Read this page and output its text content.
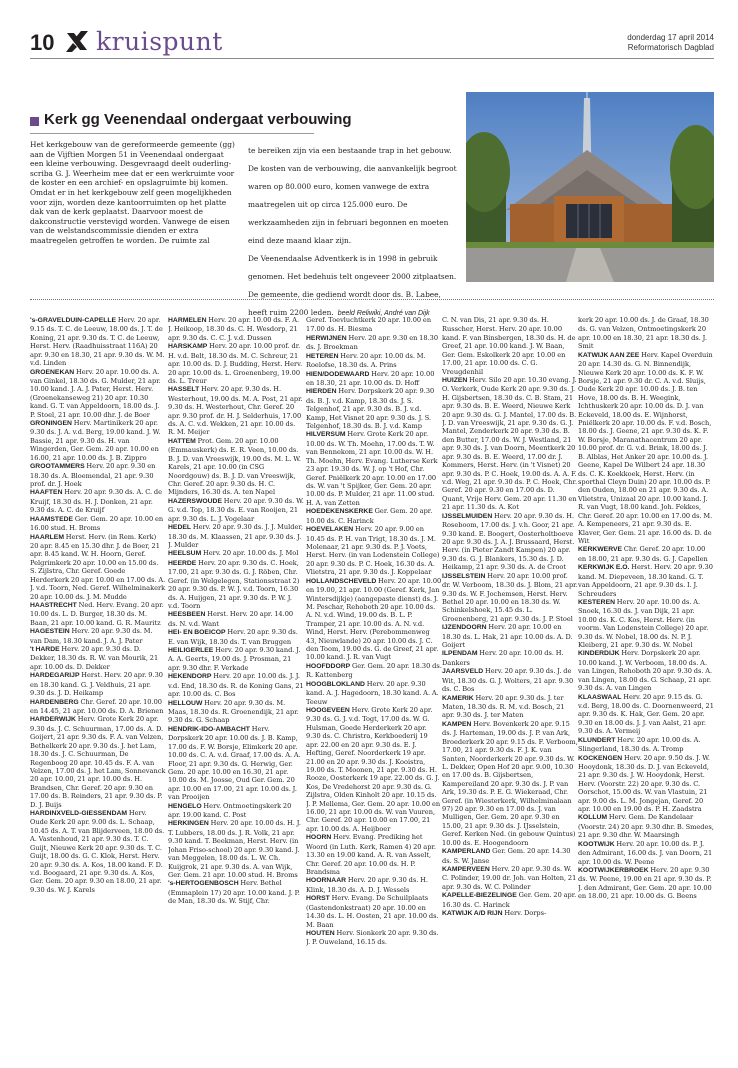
10 kruispunt	donderdag 17 april 2014
Reformatorisch Dagblad
Kerk gg Veenendaal ondergaat verbouwing
Het kerkgebouw van de gereformeerde gemeente (gg) aan de Vijftien Morgen 51 in Veenendaal ondergaat een kleine verbouwing. Desgevraagd deelt ouderling-scriba G. J. Weerheim mee dat er een werkruimte voor de koster en een archief- en opslagruimte bij komen.
Omdat er in het kerkgebouw zelf geen mogelijkheden voor zijn, worden deze kantoorruimten op het platte dak van de kerk geplaatst. Daarvoor moest de dakconstructie verstevigd worden. Vanwege de eisen van de welstandscommissie dienden er extra maatregelen getroffen te worden. De ruimte zal
te bereiken zijn via een bestaande trap in het gebouw.
De kosten van de verbouwing, die aanvankelijk begroot waren op 80.000 euro, komen vanwege de extra maatregelen uit op circa 125.000 euro. De werkzaamheden zijn in februari begonnen en moeten eind deze maand klaar zijn.
De Veenendaalse Adventkerk is in 1998 in gebruik genomen. Het bedehuis telt ongeveer 2000 zitplaatsen. De gemeente, die gediend wordt door ds. B. Labee, heeft ruim 2200 leden. beeld Reliwiki, André van Dijk

's-GRAVELDUIN-CAPELLE Herv. 20 apr. 9.15 ds. T. C. de Leeuw, 18.00 ds. J. T. de Koning, 21 apr. 9.30 ds. T. C. de Leeuw, Herst. Herv. (Raadhuisstraat 116A) 20 apr. 9.30 en 18.30, 21 apr. 9.30 ds. W. M. v.d. Linden

GROENEKAN Herv. 20 apr. 10.00 ds. A. van Ginkel, 18.30 ds. G. Mulder, 21 apr. 10.00 kand. J. A. J. Pater, Herst. Herv. (Groenekanseweg 21) 20 apr. 10.30 kand. G. T. van Appeldoorn, 18.00 ds. J. P. Stoel, 21 apr. 10.00 dhr. J. de Boer

GRONINGEN Herv. Martinikerk 20 apr. 9.30 ds. J. A. v.d. Berg, 19.00 kand. J. W. Bassie, 21 apr. 9.30 ds. H. van Wingerden, Ger. Gem. 20 apr. 10.00 en 16.00, 21 apr. 10.00 ds. J. B. Zippro

GROOTAMMERS Herv. 20 apr. 9.30 en 18.30 ds. A. Bloemendal, 21 apr. 9.30 prof. dr. J. Hoek

HAAFTEN Herv. 20 apr. 9.30 ds. A. C. de Kruijf, 18.30 ds. H. J. Donken, 21 apr. 9.30 ds. A. C. de Kruijf

HAAMSTEDE Ger. Gem. 20 apr. 10.00 en 16.00 stud. H. Broms

HAARLEM Herst. Herv. (in Rem. Kerk) 20 apr. 8.45 en 15.30 dhr. J. de Boer, 21 apr. 8.45 kand. W. H. Hoorn, Geref. Pelgrimkerk 20 apr. 10.00 en 15.00 ds. S. Zijlstra, Chr. Geref. Goede Herderkerk 20 apr. 10.00 en 17.00 ds. A. J. v.d. Toorn, Ned. Geref. Wilhelminakerk 20 apr. 10.00 ds. J. M. Mudde

HAASTRECHT Ned. Herv. Evang. 20 apr. 10.00 ds. L. D. Burger, 18.30 ds. M. Baan, 21 apr. 10.00 kand. G. R. Mauritz

HAGESTEIN Herv. 20 apr. 9.30 ds. M. van Dam, 18.30 kand. J. A. J. Pater

't HARDE Herv. 20 apr. 9.30 ds. D. Dekker, 18.30 ds. R. W. van Mourik, 21 apr. 10.00 ds. D. Dekker

HARDEGARIJP Herst. Herv. 20 apr. 9.30 en 18.30 kand. G. J. Veldhuis, 21 apr. 9.30 ds. J. D. Heikamp

HARDENBERG Chr. Geref. 20 apr. 10.00 en 14.45, 21 apr. 10.00 ds. D. A. Brienen

HARDERWIJK Herv. Grote Kerk 20 apr. 9.30 ds. J. C. Schuurman, 17.00 ds. A. D. Goijert, 21 apr. 9.30 ds. F. A. van Velzen, Bethelkerk 20 apr. 9.30 ds. J. het Lam, 18.30 ds. J. C. Schuurman, De Regenboog 20 apr. 10.45 ds. F. A. van Velzen, 17.00 ds. J. het Lam, Sonnevanck 20 apr. 10.00, 21 apr. 10.00 ds. H. Brandsen, Chr. Geref. 20 apr. 9.30 en 17.00 ds. B. Reinders, 21 apr. 9.30 ds. P. D. J. Buijs

HARDINXVELD-GIESSENDAM Herv. Oude Kerk 20 apr. 9.00 ds. L. Schaap, 10.45 ds. A. T. van Blijderveen, 18.00 ds. A. Vastenhoud, 21 apr. 9.30 ds. T. C. Guijt, Nieuwe Kerk 20 apr. 9.30 ds. T. C. Guijt, 18.00 ds. G. C. Klok, Herst. Herv. 20 apr. 9.30 ds. A. Kos, 18.00 kand. F. D. v.d. Boogaard, 21 apr. 9.30 ds. A. Kos, Ger. Gem. 20 apr. 9.30 en 18.00, 21 apr. 9.30 ds. W. J. Karels

HARMELEN Herv. 20 apr. 10.00 ds. F. A. J. Heikoop, 18.30 ds. C. H. Wesdorp, 21 apr. 9.30 ds. C. C. J. v.d. Dussen

HARSKAMP Herv. 20 apr. 10.00 prof. dr. H. v.d. Belt, 18.30 ds. M. C. Schreur, 21 apr. 10.00 ds. D. J. Budding, Herst. Herv. 20 apr. 10.00 ds. L. Groenenberg, 19.00 ds. L. Treur

HASSELT Herv. 20 apr. 9.30 ds. H. Westerhout, 19.00 ds. M. A. Post, 21 apr. 9.30 ds. H. Westerhout, Chr. Geref. 20 apr. 9.30 prof. dr. H. J. Selderhuis, 17.00 ds. A. C. v.d. Wekken, 21 apr. 10.00 ds. R. M. Meijer

HATTEM Prot. Gem. 20 apr. 10.00 (Emmauskerk) ds. E. R. Veen, 10.00 ds. B. J. D. van Vreeswijk, 19.00 ds. M. L. W. Karels, 21 apr. 10.00 (in CSG Noordgouw) ds. B. J. D. van Vreeswijk, Chr. Geref. 20 apr. 9.30 ds. H. C. Mijnders, 16.30 ds. A. ten Napel

HAZERSWOUDE Herv. 20 apr. 9.30 ds. W. G. v.d. Top, 18.30 ds. E. van Rooijen, 21 apr. 9.30 ds. L. J. Vogelaar

HEDEL Herv. 20 apr. 9.30 ds. J. J. Mulder, 18.30 ds. M. Klaassen, 21 apr. 9.30 ds. J. J. Mulder

HEELSUM Herv. 20 apr. 10.00 ds. J. Mol

HEERDE Herv. 20 apr. 9.30 ds. C. Hoek, 17.00, 21 apr. 9.30 ds. G. J. Röben, Chr. Geref. (in Welgelegen, Stationsstraat 2) 20 apr. 9.30 ds. P. W. J. v.d. Toorn, 16.30 ds. A. Huijgen, 21 apr. 9.30 ds. P. W. J. v.d. Toorn

HEESBEEN Herst. Herv. 20 apr. 14.00 ds. N. v.d. Want

HEI- EN BOEICOP Herv. 20 apr. 9.30 ds. E. van Wijk, 18.30 ds. T. van Bruggen

HEILIGERLEE Herv. 20 apr. 9.30 kand. J. A. A. Geerts, 19.00 ds. J. Prosman, 21 apr. 9.30 dhr. F. Verkade

HEKENDORP Herv. 20 apr. 10.00 ds. J. J. v.d. End, 18.30 ds. R. de Koning Gans, 21 apr. 10.00 ds. C. Bos

HELLOUW Herv. 20 apr. 9.30 ds. M. Maas, 18.30 ds. R. Groenendijk, 21 apr. 9.30 ds. G. Schaap

HENDRIK-IDO-AMBACHT Herv. Dorpskerk 20 apr. 10.00 ds. J. B. Kamp, 17.00 ds. F. W. Borsje, Elimkerk 20 apr. 10.00 ds. C. A. v.d. Graaf, 17.00 ds. A. A. Floor, 21 apr. 9.30 ds. G. Herwig, Ger. Gem. 20 apr. 10.00 en 16.30, 21 apr. 10.00 ds. M. Joosse, Oud Ger. Gem. 20 apr. 10.00 en 17.00, 21 apr. 10.00 ds. J. van Prooijen

HENGELO Herv. Ontmoetingskerk 20 apr. 19.00 kand. C. Post

HERKINGEN Herv. 20 apr. 10.00 ds. H. J. T. Lubbers, 18.00 ds. J. R. Volk, 21 apr. 9.30 kand. T. Beekman, Herst. Herv. (in Johan Friso-school) 20 apr. 9.30 kand. J. van Meggelen, 18.00 ds. L. W. Ch. Kuijgrok, 21 apr. 9.30 ds. A. van Wijk, Ger. Gem. 21 apr. 10.00 stud. H. Broms

's-HERTOGENBOSCH Herv. Bethel (Emmaplein 17) 20 apr. 10.00 kand. J. P. de Man, 18.30 ds. W. Stijf, Chr.

Geref. Toevluchtkerk 20 apr. 10.00 en 17.00 ds. H. Biesma

HERWIJNEN Herv. 20 apr. 9.30 en 18.30 ds. J. Broekman

HETEREN Herv. 20 apr. 10.00 ds. M. Roelofse, 18.30 ds. A. Prins

HIEN/DODEWAARD Herv. 20 apr. 10.00 en 18.30, 21 apr. 10.00 ds. D. Hoff

HIERDEN Herv. Dorpskerk 20 apr. 9.30 ds. B. J. v.d. Kamp, 18.30 ds. J. S. Telgenhof, 21 apr. 9.30 ds. B. J. v.d. Kamp, Het Visnet 20 apr. 9.30 ds. J. S. Telgenhof, 18.30 ds. B. J. v.d. Kamp

HILVERSUM Herv. Grote Kerk 20 apr. 10.00 ds. W. Th. Moehn, 17.00 ds. T. W. van Bennekom, 21 apr. 10.00 ds. W. H. Th. Moehn, Herv. Evang. Lutherse Kerk 23 apr. 19.30 ds. W. J. op 't Hof, Chr. Geref. Pniëlkerk 20 apr. 10.00 en 17.00 ds. W. van 't Spijker, Ger. Gem. 20 apr. 10.00 ds. P. Mulder, 21 apr. 11.00 stud. H. A. van Zetten

HOEDEKENSKERKE Ger. Gem. 20 apr. 10.00 ds. C. Harinck

HOEVELAKEN Herv. 20 apr. 9.00 en 10.45 ds. P. H. van Trigt, 18.30 ds. J. M. Molenaar, 21 apr. 9.30 ds. P. J. Voets, Herst. Herv. (in van Lodenstein College) 20 apr. 9.30 ds. P. C. Hoek, 16.30 ds. A. Vlietstra, 21 apr. 9.30 ds. J. Koppelaar

HOLLANDSCHEVELD Herv. 20 apr. 10.00 en 19.00, 21 apr. 10.00 (Geref. Kerk, Jan Wintersdijkje) (aangepaste dienst) ds. J. M. Peschar, Rehoboth 20 apr. 10.00 ds. A. N. v.d. Wind, 19.00 ds. B. L. P. Tramper, 21 apr. 10.00 ds. A. N. v.d. Wind, Herst. Herv. (Perebommenweg 43, Nieuwlande) 20 apr. 10.00 ds. J. C. den Toom, 19.00 ds. G. de Greef, 21 apr. 10.00 kand. J. R. van Vugt

HOOFDDORP Ger. Gem. 20 apr. 18.30 ds. R. Kattenberg

HOOGBLOKLAND Herv. 20 apr. 9.30 kand. A. J. Hagedoorn, 18.30 kand. A. A. Teeuw

HOOGEVEEN Herv. Grote Kerk 20 apr. 9.30 ds. G. J. v.d. Togt, 17.00 ds. W. G. Hulsman, Goede Herderkerk 20 apr. 9.30 ds. C. Christra, Kerkboederij 19 apr. 22.00 en 20 apr. 9.30 ds. E. J. Hefting, Geref. Noorderkerk 19 apr. 21.00 en 20 apr. 9.30 ds. J. Kooistra, 19.00 ds. T. Moonen, 21 apr. 9.30 ds. H. Rooze, Oosterkerk 19 apr. 22.00 ds. G. J. Kos, De Vredehorst 20 apr. 9.30 ds. G. Zijlstra, Olden Kinholt 20 apr. 10.15 ds. J. P. Mellema, Ger. Gem. 20 apr. 10.00 en 16.00, 21 apr. 10.00 ds. W. van Vuuren, Chr. Geref. 20 apr. 10.00 en 17.00, 21 apr. 10.00 ds. A. Heijboer

HOORN Herv. Evang. Prediking het Woord (in Luth. Kerk, Ramen 4) 20 apr. 13.30 en 19.00 kand. A. R. van Asselt, Chr. Geref. 20 apr. 10.00 ds. H. P. Brandsma

HOORNAAR Herv. 20 apr. 9.30 ds. H. Klink, 18.30 ds. A. D. J. Wessels

HORST Herv. Evang. De Schuilplaats (Gastendonkstraat) 20 apr. 10.00 en 14.30 ds. L. H. Oosten, 21 apr. 10.00 ds. M. Baan

HOUTEN Herv. Sionkerk 20 apr. 9.30 ds. J. P. Ouweland, 16.15 ds.

C. N. van Dis, 21 apr. 9.30 ds. H. Russcher, Herst. Herv. 20 apr. 10.00 kand. F. van Binsbergen, 18.30 ds. H. de Greef, 21 apr. 10.00 kand. J. W. Baan, Ger. Gem. Eskolkerk 20 apr. 10.00 en 17.00, 21 apr. 10.00 ds. C. G. Vreugdenhil

HUIZEN Herv. Silo 20 apr. 10.30 evang. J. O. Verkerk, Oude Kerk 20 apr. 9.30 ds. J. H. Gijsbertsen, 18.30 ds. C. B. Stam, 21 apr. 9.30 ds. B. E. Weerd, Nieuwe Kerk 20 apr. 9.30 ds. G. J. Mantel, 17.00 ds. B. J. D. van Vreeswijk, 21 apr. 9.30 ds. G. J. Mantel, Zenderkerk 20 apr. 9.30 ds. B. den Butter, 17.00 ds. W. J. Westland, 21 apr. 9.30 ds. J. van Doorn, Meentkerk 20 apr. 9.30 ds. B. E. Weerd, 17.00 dr. J. Kommers, Herst. Herv. (in 't Visnet) 20 apr. 9.30 ds. P. C. Hoek, 19.00 ds. A. A. F. v.d. Weg, 21 apr. 9.30 ds. P. C. Hoek, Chr. Geref. 20 apr. 9.30 en 17.00 ds. D. Quant, Vrije Herv. Gem. 20 apr. 11.30 en 21 apr. 11.30 ds. A. Kot

IJSSELMUIDEN Herv. 20 apr. 9.30 ds. H. Roseboom, 17.00 ds. J. v.h. Goor, 21 apr. 9.30 kand. E. Boogert, Oosterholtboeve 20 apr. 9.30 ds. J. A. J. Brussaard, Herst. Herv. (in Pieter Zandt Kampen) 20 apr. 9.30 ds. G. J. Blankers, 15.30 ds. J. D. Heikamp, 21 apr. 9.30 ds. A. de Croot

IJSSELSTEIN Herv. 20 apr. 10.00 prof. dr. W. Verboom, 18.30 ds. J. Blom, 21 apr. 9.30 ds. W. F. Jochemsen, Herst. Herv. Bethel 20 apr. 10.00 en 18.30 ds. W. Schinkelshoek, 15.45 ds. L. Groenenberg, 21 apr. 9.30 ds. J. P. Stoel

IJZENDOORN Herv. 20 apr. 10.00 en 18.30 ds. L. Hak, 21 apr. 10.00 ds. A. D. Goijert

ILPENDAM Herv. 20 apr. 10.00 ds. H. Dankers

JAARSVELD Herv. 20 apr. 9.30 ds. J. de Wit, 18.30 ds. G. J. Wolters, 21 apr. 9.30 ds. C. Bos

KAMERIK Herv. 20 apr. 9.30 ds. J. ter Maten, 18.30 ds. R. M. v.d. Bosch, 21 apr. 9.30 ds. J. ter Maten

KAMPEN Herv. Bovenkerk 20 apr. 9.15 ds. J. Harteman, 19.00 ds. J. P. van Ark, Broederkerk 20 apr. 9.15 ds. F. Verboom, 17.00, 21 apr. 9.30 ds. F. J. K. van Santen, Noorderkerk 20 apr. 9.30 ds. W. L. Dekker, Open Hof 20 apr. 9.00, 10.30 en 17.00 ds. B. Gijsbertsen, Kampereiland 20 apr. 9.30 ds. J. P. van Ark, 19.30 ds. P. E. G. Wiekeraad, Chr. Geref. (in Wiesterkerk, Wilhelminalaan 97) 20 apr. 9.30 en 17.00 ds. J. van Mulligen, Ger. Gem. 20 apr. 9.30 en 15.00, 21 apr. 9.30 ds. J. IJsselstein, Geref. Kerken Ned. (in gebouw Quintus) 10.00 ds. E. Hoogendoorn

KAMPERLAND Ger. Gem. 20 apr. 14.30 ds. S. W. Janse

KAMPERVEEN Herv. 20 apr. 9.30 ds. W. C. Polinder, 19.00 dr. Joh. van Holten, 21 apr. 9.30 ds. W. C. Polinder

KAPELLE-BIEZELINGE Ger. Gem. 20 apr. 16.30 ds. C. Harinck

KATWIJK A/D RIJN Herv. Dorps-

kerk 20 apr. 10.00 ds. J. de Graaf, 18.30 ds. G. van Velzen, Ontmoetingskerk 20 apr. 10.00 en 18.30, 21 apr. 18.30 ds. J. Smit

KATWIJK AAN ZEE Herv. Kapel Overduin 20 apr. 14.30 ds. G. N. Binnendijk, Nieuwe Kerk 20 apr. 10.00 ds. K. F. W. Borsje, 21 apr. 9.30 dr. C. A. v.d. Sluijs, Oude Kerk 20 apr. 10.00 ds. J. B. ten Hove, 18.00 ds. B. H. Weegink, Ichthuskerk 20 apr. 10.00 ds. D. J. van Eckeveld, 18.00 ds. E. Wijnhorst, Pniëlkerk 20 apr. 10.00 ds. F. v.d. Bosch, 18.00 ds. J. Geene, 21 apr. 9.30 ds. K. F. W. Borsje, Maranathacentrum 20 apr. 10.00 prof. dr. G. v.d. Brink, 18.00 ds. J. B. Alblas, Het Anker 20 apr. 10.00 ds. J. Geene, Kapel De Wilbert 24 apr. 18.30 ds. C. K. Koekkoek, Herst. Herv. (in sporthal Cleyn Duin) 20 apr. 10.00 ds. P. den Ouden, 18.00 en 21 apr. 9.30 ds. A. Vlietstra, Unizaal 20 apr. 10.00 kand. J. R. van Vugt, 18.00 kand. Joh. Fekkes, Chr. Geref. 20 apr. 10.00 en 17.00 ds. M. A. Kempeneers, 21 apr. 9.30 ds. E. Klaver, Ger. Gem. 21 apr. 16.00 ds. D. de Wit

KERKWERVE Chr. Geref. 20 apr. 10.00 en 18.00, 21 apr. 9.30 ds. G. J. Capellen

KERKWIJK E.O. Herst. Herv. 20 apr. 9.30 kand. M. Diepeveen, 18.30 kand. G. T. van Appeldoorn, 21 apr. 9.30 ds. I. J. Schreuders

KESTEREN Herv. 20 apr. 10.00 ds. A. Snoek, 16.30 ds. J. van Dijk, 21 apr. 10.00 ds. K. C. Kos, Herst. Herv. (in voorm. Van Lodenstein College) 20 apr. 9.30 ds. W. Nobel, 18.00 ds. N. P. J. Kleiberg, 21 apr. 9.30 ds. W. Nobel

KINDERDIJK Herv. Dorpskerk 20 apr. 10.00 kand. J. W. Verboom, 18.00 ds. A. van Lingen, Rehoboth 20 apr. 9.30 ds. A. van Lingen, 18.00 ds. G. Schaap, 21 apr. 9.30 ds. A. van Lingen

KLAASWAAL Herv. 20 apr. 9.15 ds. G. v.d. Berg, 18.00 ds. C. Doornenweerd, 21 apr. 9.30 ds. K. Hak, Ger. Gem. 20 apr. 9.30 en 18.00 ds. J. J. van Aalst, 21 apr. 9.30 ds. A. Vermeij

KLUNDERT Herv. 20 apr. 10.00 ds. A. Slingerland, 18.30 ds. A. Tromp

KOCKENGEN Herv. 20 apr. 9.50 ds. J. W. Hooydonk, 18.30 ds. D. J. van Eckeveld, 21 apr. 9.30 ds. J. W. Hooydonk, Herst. Herv. (Voorstr. 22) 20 apr. 9.30 ds. C. Oorschot, 15.00 ds. W. van Vlastuin, 21 apr. 9.00 ds. L. M. Jongejan, Geref. 20 apr. 10.00 en 19.00 ds. P. H. Zaadstra

KOLLUM Herv. Gem. De Kandelaar (Voorstr. 24) 20 apr. 9.30 dhr. B. Smedes, 21 apr. 9.30 dhr. W. Maarsingh

KOOTWIJK Herv. 20 apr. 10.00 ds. P. J. den Admirant, 16.00 ds. J. van Doorn, 21 apr. 10.00 ds. W. Peene

KOOTWIJKERBROEK Herv. 20 apr. 9.30 ds. W. Peene, 19.00 en 21 apr. 9.30 ds. P. J. den Admirant, Ger. Gem. 20 apr. 10.00 en 18.00, 21 apr. 10.00 ds. G. Beens
